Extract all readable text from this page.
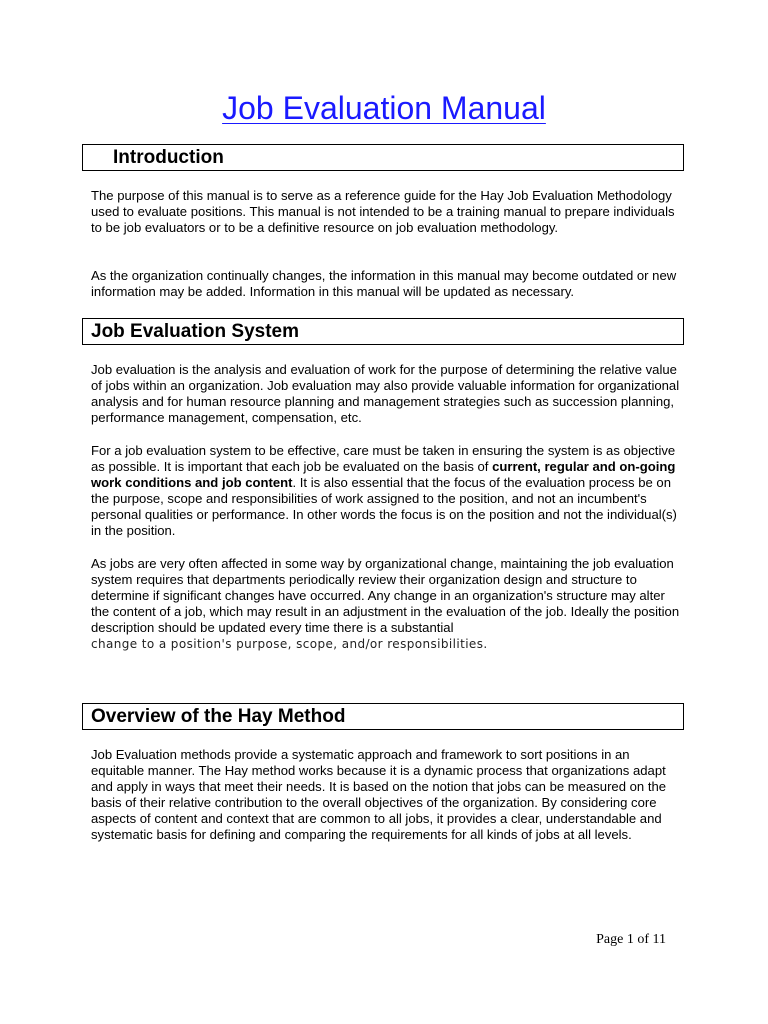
Job Evaluation Manual
Introduction

The purpose of this manual is to serve as a reference guide for the Hay Job Evaluation Methodology used to evaluate positions. This manual is not intended to be a training manual to prepare individuals to be job evaluators or to be a definitive resource on job evaluation methodology.

As the organization continually changes, the information in this manual may become outdated or new information may be added. Information in this manual will be updated as necessary.

Job Evaluation System

Job evaluation is the analysis and evaluation of work for the purpose of determining the relative value of jobs within an organization. Job evaluation may also provide valuable information for organizational analysis and for human resource planning and management strategies such as succession planning, performance management, compensation, etc.

For a job evaluation system to be effective, care must be taken in ensuring the system is as objective as possible. It is important that each job be evaluated on the basis of current, regular and on-going work conditions and job content. It is also essential that the focus of the evaluation process be on the purpose, scope and responsibilities of work assigned to the position, and not an incumbent's personal qualities or performance. In other words the focus is on the position and not the individual(s) in the position.

As jobs are very often affected in some way by organizational change, maintaining the job evaluation system requires that departments periodically review their organization design and structure to determine if significant changes have occurred. Any change in an organization's structure may alter the content of a job, which may result in an adjustment in the evaluation of the job. Ideally the position description should be updated every time there is a substantial
change to a position's purpose, scope, and/or responsibilities.

Overview of the Hay Method

Job Evaluation methods provide a systematic approach and framework to sort positions in an equitable manner. The Hay method works because it is a dynamic process that organizations adapt and apply in ways that meet their needs. It is based on the notion that jobs can be measured on the basis of their relative contribution to the overall objectives of the organization. By considering core aspects of content and context that are common to all jobs, it provides a clear, understandable and systematic basis for defining and comparing the requirements for all kinds of jobs at all levels.

Page 1 of 11
